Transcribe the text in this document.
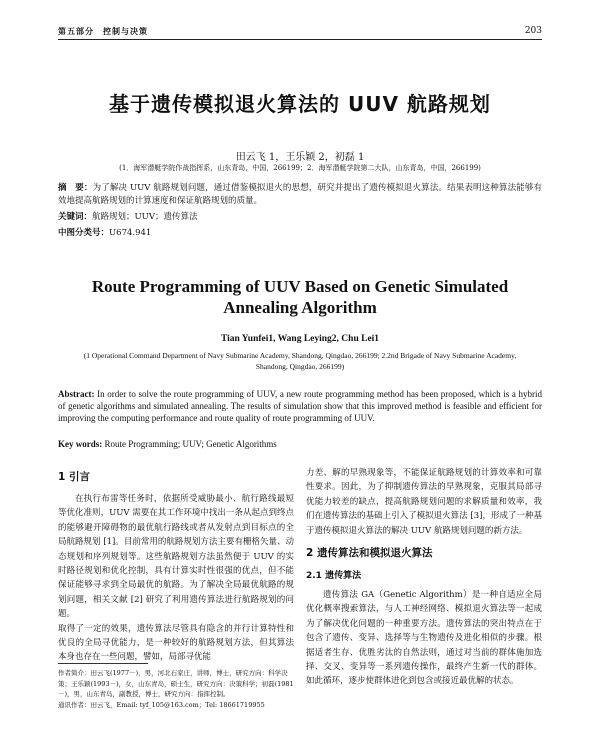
第五部分　控制与决策	203
基于遗传模拟退火算法的 UUV 航路规划
田云飞 1，王乐颖 2，初磊 1
(1．海军潜艇学院作战指挥系，山东青岛，中国，266199；2．海军潜艇学院第二大队，山东青岛，中国，266199)
摘　要：为了解决 UUV 航路规划问题，通过借鉴模拟退火的思想，研究并提出了遗传模拟退火算法。结果表明这种算法能够有效地提高航路规划的计算速度和保证航路规划的质量。
关键词：航路规划；UUV；遗传算法
中图分类号：U674.941
Route Programming of UUV Based on Genetic Simulated Annealing Algorithm
Tian Yunfei1, Wang Leying2, Chu Lei1
(1 Operational Command Department of Navy Submarine Academy, Shandong, Qingdao, 266199; 2.2nd Brigade of Navy Submarine Academy, Shandong, Qingdao, 266199)
Abstract: In order to solve the route programming of UUV, a new route programming method has been proposed, which is a hybrid of genetic algorithms and simulated annealing. The results of simulation show that this improved method is feasible and efficient for improving the computing performance and route quality of route programming of UUV.
Key words: Route Programming; UUV; Genetic Algorithms
1 引言

在执行布雷等任务时，依据所受威胁最小、航行路线最短等优化准则，UUV 需要在其工作环境中找出一条从起点到终点的能够避开障碍物的最优航行路线或者从发射点到目标点的全局航路规划 [1]。目前常用的航路规划方法主要有栅格矢量、动态规划和序列规划等。这些航路规划方法虽然便于 UUV 的实时路径规划和优化控制，具有计算实时性很强的优点，但不能保证能够寻求到全局最优的航路。为了解决全局最优航路的规划问题，相关文献 [2] 研究了利用遗传算法进行航路规划的问题。

取得了一定的效果，遗传算法尽管具有隐含的并行计算特性和优良的全局寻优能力，是一种较好的航路规划方法，但其算法本身也存在一些问题，譬如，局部寻优能

力差、解的早熟现象等，不能保证航路规划的计算效率和可靠性要求。因此，为了抑制遗传算法的早熟现象，克服其局部寻优能力较差的缺点，提高航路规划问题的求解质量和效率，我们在遗传算法的基础上引入了模拟退火算法 [3]，形成了一种基于遗传模拟退火算法的解决 UUV 航路规划问题的新方法。

2 遗传算法和模拟退火算法
2.1 遗传算法

遗传算法 GA（Genetic Algorithm）是一种自适应全局优化概率搜索算法，与人工神经网络、模拟退火算法等一起成为了解决优化问题的一种重要方法。遗传算法的突出特点在于包含了遗传、变异、选择等与生物遗传及进化相似的步骤。根据适者生存、优胜劣汰的自然法则，通过对当前的群体施加选择、交叉、变异等一系列遗传操作，最终产生新一代的群体。如此循环，逐步使群体进化到包含或接近最优解的状态。

作者简介：田云飞(1977－)，男，河北石家庄，讲师，博士，研究方向：科学决策；王乐颖(1993－)，女，山东青岛，硕士生，研究方向：决策科学；初磊(1981－)，男，山东青岛，副教授，博士，研究方向：指挥控制。
通讯作者：田云飞，Email: tyf_105@163.com；Tel: 18661719955
